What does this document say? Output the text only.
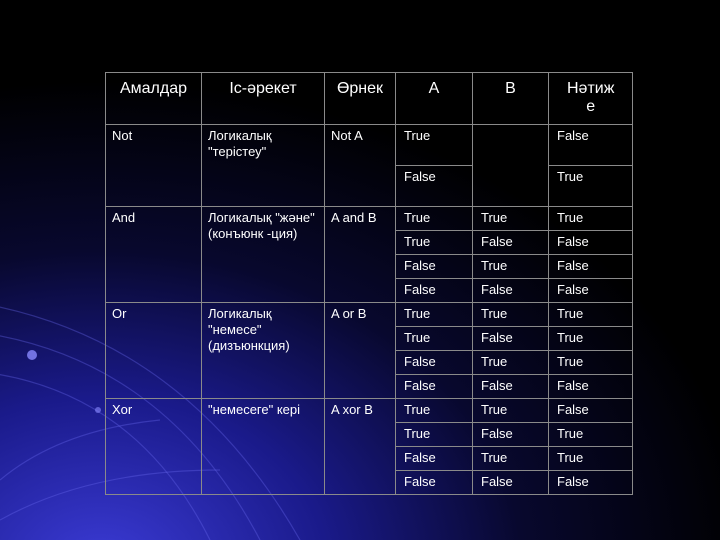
Амалдар	Іс-әрекет	Өрнек	A	B	Нәтиж е
Not	Логикалық "терістеу"	Not A	True		False
			False		True
And	Логикалық "және" (конъюнк -ция)	A and B	True	True	True
			True	False	False
			False	True	False
			False	False	False
Or	Логикалық "немесе" (дизъюнкция)	A or B	True	True	True
			True	False	True
			False	True	True
			False	False	False
Xor	"немесеге" кері	A xor B	True	True	False
			True	False	True
			False	True	True
			False	False	False
